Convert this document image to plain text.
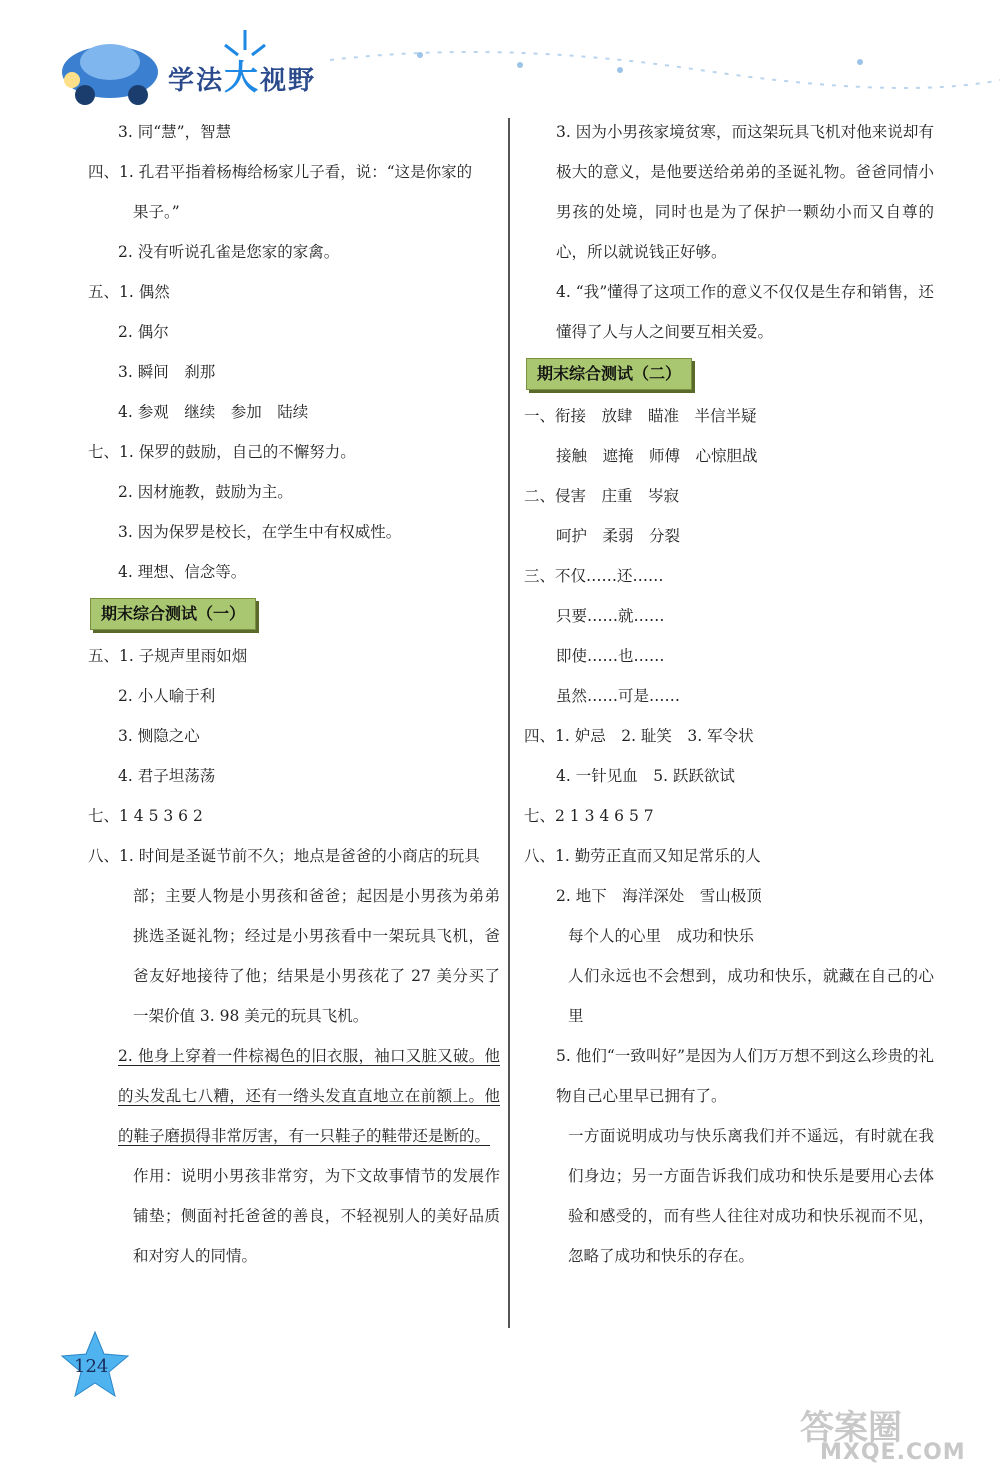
学法大视野
3. 同“慧”，智慧
四、1. 孔君平指着杨梅给杨家儿子看，说：“这是你家的
果子。”
2. 没有听说孔雀是您家的家禽。
五、1. 偶然
2. 偶尔
3. 瞬间　刹那
4. 参观　继续　参加　陆续
七、1. 保罗的鼓励，自己的不懈努力。
2. 因材施教，鼓励为主。
3. 因为保罗是校长，在学生中有权威性。
4. 理想、信念等。
期末综合测试（一）
五、1. 子规声里雨如烟
2. 小人喻于利
3. 恻隐之心
4. 君子坦荡荡
七、1 4 5 3 6 2
八、1. 时间是圣诞节前不久；地点是爸爸的小商店的玩具
部；主要人物是小男孩和爸爸；起因是小男孩为弟弟挑选圣诞礼物；经过是小男孩看中一架玩具飞机，爸爸友好地接待了他；结果是小男孩花了 27 美分买了一架价值 3. 98 美元的玩具飞机。
2. 他身上穿着一件棕褐色的旧衣服，袖口又脏又破。他的头发乱七八糟，还有一绺头发直直地立在前额上。他的鞋子磨损得非常厉害，有一只鞋子的鞋带还是断的。
作用：说明小男孩非常穷，为下文故事情节的发展作铺垫；侧面衬托爸爸的善良，不轻视别人的美好品质和对穷人的同情。
3. 因为小男孩家境贫寒，而这架玩具飞机对他来说却有极大的意义，是他要送给弟弟的圣诞礼物。爸爸同情小男孩的处境，同时也是为了保护一颗幼小而又自尊的心，所以就说钱正好够。
4. “我”懂得了这项工作的意义不仅仅是生存和销售，还懂得了人与人之间要互相关爱。
期末综合测试（二）
一、衔接　放肆　瞄准　半信半疑
接触　遮掩　师傅　心惊胆战
二、侵害　庄重　岑寂
呵护　柔弱　分裂
三、不仅……还……
只要……就……
即使……也……
虽然……可是……
四、1. 妒忌　2. 耻笑　3. 军令状
4. 一针见血　5. 跃跃欲试
七、2 1 3 4 6 5 7
八、1. 勤劳正直而又知足常乐的人
2. 地下　海洋深处　雪山极顶
每个人的心里　成功和快乐
人们永远也不会想到，成功和快乐，就藏在自己的心里
5. 他们“一致叫好”是因为人们万万想不到这么珍贵的礼物自己心里早已拥有了。
一方面说明成功与快乐离我们并不遥远，有时就在我们身边；另一方面告诉我们成功和快乐是要用心去体验和感受的，而有些人往往对成功和快乐视而不见，忽略了成功和快乐的存在。
124
答案圈
MXQE.COM
